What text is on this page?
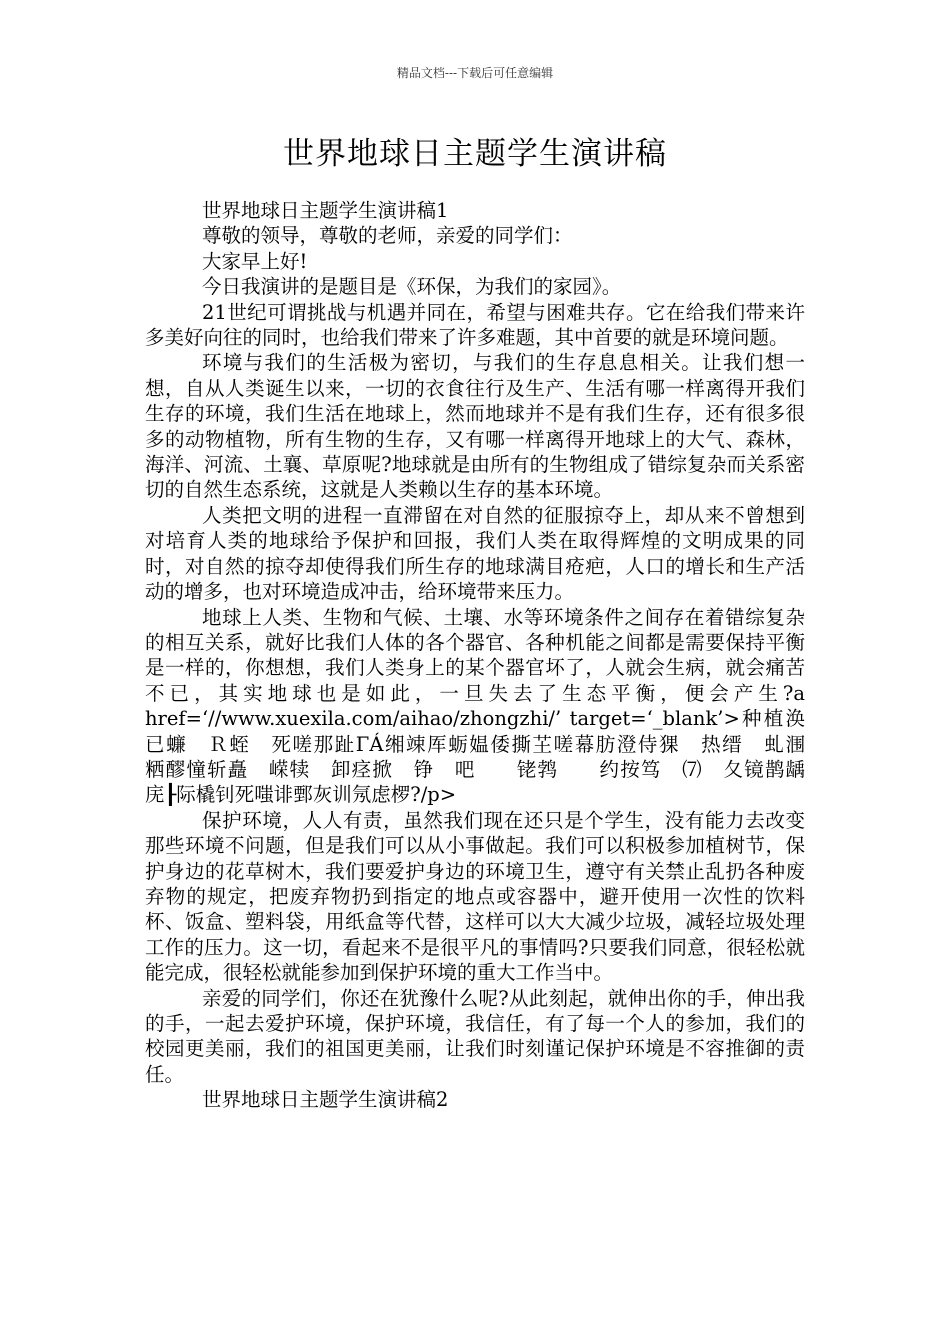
精品文档---下载后可任意编辑
世界地球日主题学生演讲稿

世界地球日主题学生演讲稿1

尊敬的领导，尊敬的老师，亲爱的同学们：

大家早上好!

今日我演讲的是题目是《环保，为我们的家园》。

21世纪可谓挑战与机遇并同在，希望与困难共存。它在给我们带来许多美好向往的同时，也给我们带来了许多难题，其中首要的就是环境问题。

环境与我们的生活极为密切，与我们的生存息息相关。让我们想一想，自从人类诞生以来，一切的衣食往行及生产、生活有哪一样离得开我们生存的环境，我们生活在地球上，然而地球并不是有我们生存，还有很多很多的动物植物，所有生物的生存，又有哪一样离得开地球上的大气、森林，海洋、河流、土襄、草原呢?地球就是由所有的生物组成了错综复杂而关系密切的自然生态系统，这就是人类赖以生存的基本环境。

人类把文明的进程一直滞留在对自然的征服掠夺上，却从来不曾想到对培育人类的地球给予保护和回报，我们人类在取得辉煌的文明成果的同时，对自然的掠夺却使得我们所生存的地球满目疮疤，人口的增长和生产活动的增多，也对环境造成冲击，给环境带来压力。

地球上人类、生物和气候、土壤、水等环境条件之间存在着错综复杂的相互关系，就好比我们人体的各个器官、各种机能之间都是需要保持平衡是一样的，你想想，我们人类身上的某个器官坏了，人就会生病，就会痛苦不已，其实地球也是如此，一旦失去了生态平衡，便会产生?a href=‘//www.xuexila.com/aihao/zhongzhi/’ target=‘_blank’>种植涣已蠊　Ｒ蛭　死嗟那趾ΓÁ缃竦厍蛎媪倭撕芏嗟幕肪澄侍猓　热缙　虬涠　　粞醪憧斩矗　嵘犊　卸痉掀　铮　吧　　铑鹁　　约按笃　⑺　夂镜鹊龋　庑┠际橇钊死嗤诽鄄灰训氖虑椤?/p>

保护环境，人人有责，虽然我们现在还只是个学生，没有能力去改变那些环境不问题，但是我们可以从小事做起。我们可以积极参加植树节，保护身边的花草树木，我们要爱护身边的环境卫生，遵守有关禁止乱扔各种废弃物的规定，把废弃物扔到指定的地点或容器中，避开使用一次性的饮料杯、饭盒、塑料袋，用纸盒等代替，这样可以大大减少垃圾，减轻垃圾处理工作的压力。这一切，看起来不是很平凡的事情吗?只要我们同意，很轻松就能完成，很轻松就能参加到保护环境的重大工作当中。

亲爱的同学们，你还在犹豫什么呢?从此刻起，就伸出你的手，伸出我的手，一起去爱护环境，保护环境，我信任，有了每一个人的参加，我们的校园更美丽，我们的祖国更美丽，让我们时刻谨记保护环境是不容推御的责任。

世界地球日主题学生演讲稿2
